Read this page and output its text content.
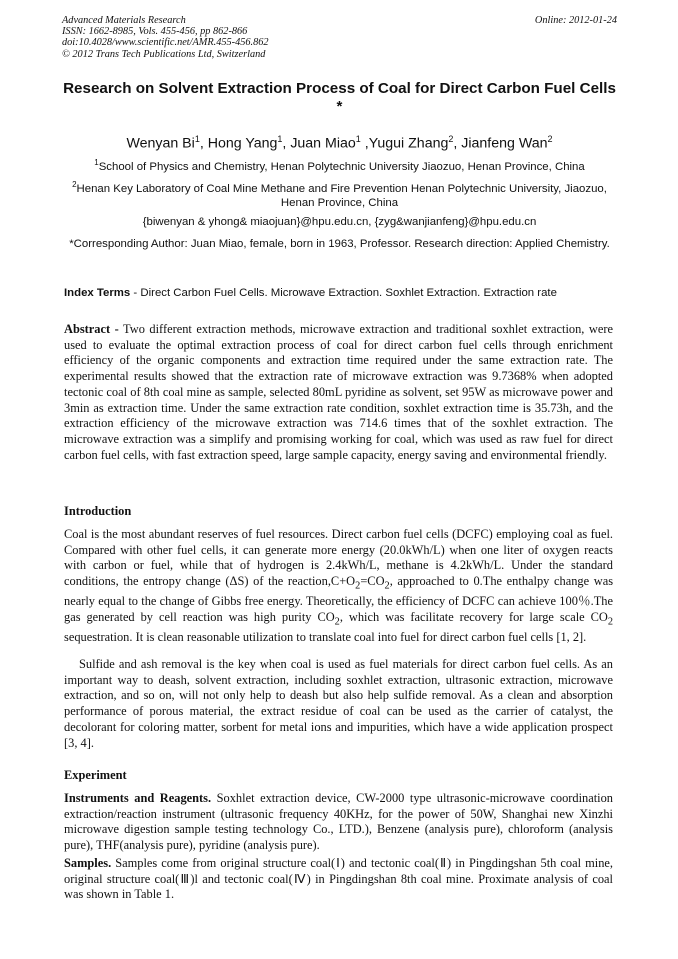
Advanced Materials Research
ISSN: 1662-8985, Vols. 455-456, pp 862-866
doi:10.4028/www.scientific.net/AMR.455-456.862
© 2012 Trans Tech Publications Ltd, Switzerland
Online: 2012-01-24
Research on Solvent Extraction Process of Coal for Direct Carbon Fuel Cells *
Wenyan Bi$^1$, Hong Yang$^1$, Juan Miao$^1$ ,Yugui Zhang$^2$, Jianfeng Wan$^2$
$^1$School of Physics and Chemistry, Henan Polytechnic University Jiaozuo, Henan Province, China
$^2$Henan Key Laboratory of Coal Mine Methane and Fire Prevention Henan Polytechnic University, Jiaozuo, Henan Province, China
{biwenyan & yhong& miaojuan}@hpu.edu.cn, {zyg&wanjianfeng}@hpu.edu.cn
*Corresponding Author: Juan Miao, female, born in 1963, Professor. Research direction: Applied Chemistry.
Index Terms - Direct Carbon Fuel Cells. Microwave Extraction. Soxhlet Extraction. Extraction rate
Abstract - Two different extraction methods, microwave extraction and traditional soxhlet extraction, were used to evaluate the optimal extraction process of coal for direct carbon fuel cells through enrichment efficiency of the organic components and extraction time required under the same extraction rate. The experimental results showed that the extraction rate of microwave extraction was 9.7368% when adopted tectonic coal of 8th coal mine as sample, selected 80mL pyridine as solvent, set 95W as microwave power and 3min as extraction time. Under the same extraction rate condition, soxhlet extraction time is 35.73h, and the extraction efficiency of the microwave extraction was 714.6 times that of the soxhlet extraction. The microwave extraction was a simplify and promising working for coal, which was used as raw fuel for direct carbon fuel cells, with fast extraction speed, large sample capacity, energy saving and environmental friendly.
Introduction
Coal is the most abundant reserves of fuel resources. Direct carbon fuel cells (DCFC) employing coal as fuel. Compared with other fuel cells, it can generate more energy (20.0kWh/L) when one liter of oxygen reacts with carbon or fuel, while that of hydrogen is 2.4kWh/L, methane is 4.2kWh/L. Under the standard conditions, the entropy change (ΔS) of the $reaction,C+O_2=CO_2$, approached to 0.The enthalpy change was nearly equal to the change of Gibbs free energy. Theoretically, the efficiency of DCFC can achieve 100％.The gas generated by cell reaction was high purity $CO_2$, which was facilitate recovery for large scale $CO_2$ sequestration. It is clean reasonable utilization to translate coal into fuel for direct carbon fuel cells [1, 2].
Sulfide and ash removal is the key when coal is used as fuel materials for direct carbon fuel cells. As an important way to deash, solvent extraction, including soxhlet extraction, ultrasonic extraction, microwave extraction, and so on, will not only help to deash but also help sulfide removal. As a clean and absorption performance of porous material, the extract residue of coal can be used as the carrier of catalyst, the decolorant for coloring matter, sorbent for metal ions and impurities, which have a wide application prospect [3, 4].
Experiment
Instruments and Reagents. Soxhlet extraction device, CW-2000 type ultrasonic-microwave coordination extraction/reaction instrument (ultrasonic frequency 40KHz, for the power of 50W, Shanghai new Xinzhi microwave digestion sample testing technology Co., LTD.), Benzene (analysis pure), chloroform (analysis pure), THF(analysis pure), pyridine (analysis pure).
Samples. Samples come from original structure coal(Ⅰ) and tectonic coal(Ⅱ) in Pingdingshan 5th coal mine, original structure coal(Ⅲ)l and tectonic coal(Ⅳ) in Pingdingshan 8th coal mine. Proximate analysis of coal was shown in Table 1.
